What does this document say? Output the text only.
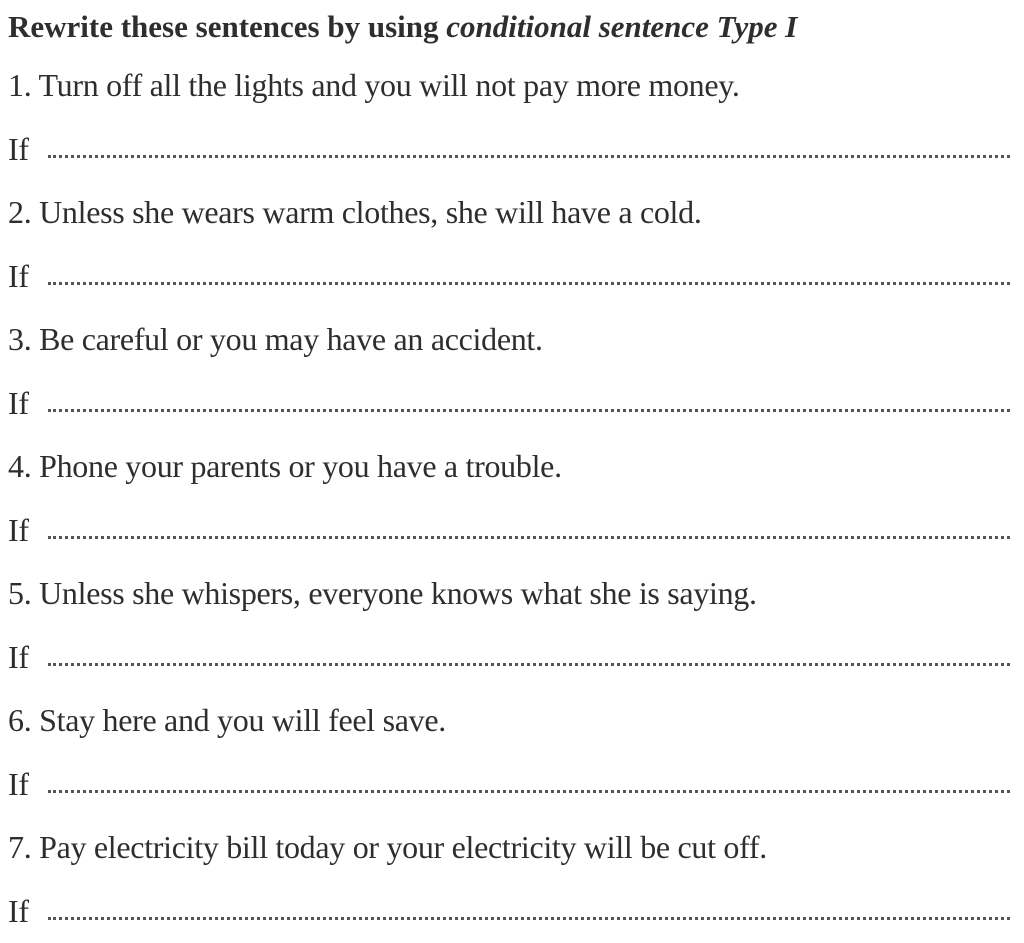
Rewrite these sentences by using conditional sentence Type I
1. Turn off all the lights and you will not pay more money.
If
2. Unless she wears warm clothes, she will have a cold.
If
3. Be careful or you may have an accident.
If
4. Phone your parents or you have a trouble.
If
5. Unless she whispers, everyone knows what she is saying.
If
6. Stay here and you will feel save.
If
7. Pay electricity bill today or your electricity will be cut off.
If
